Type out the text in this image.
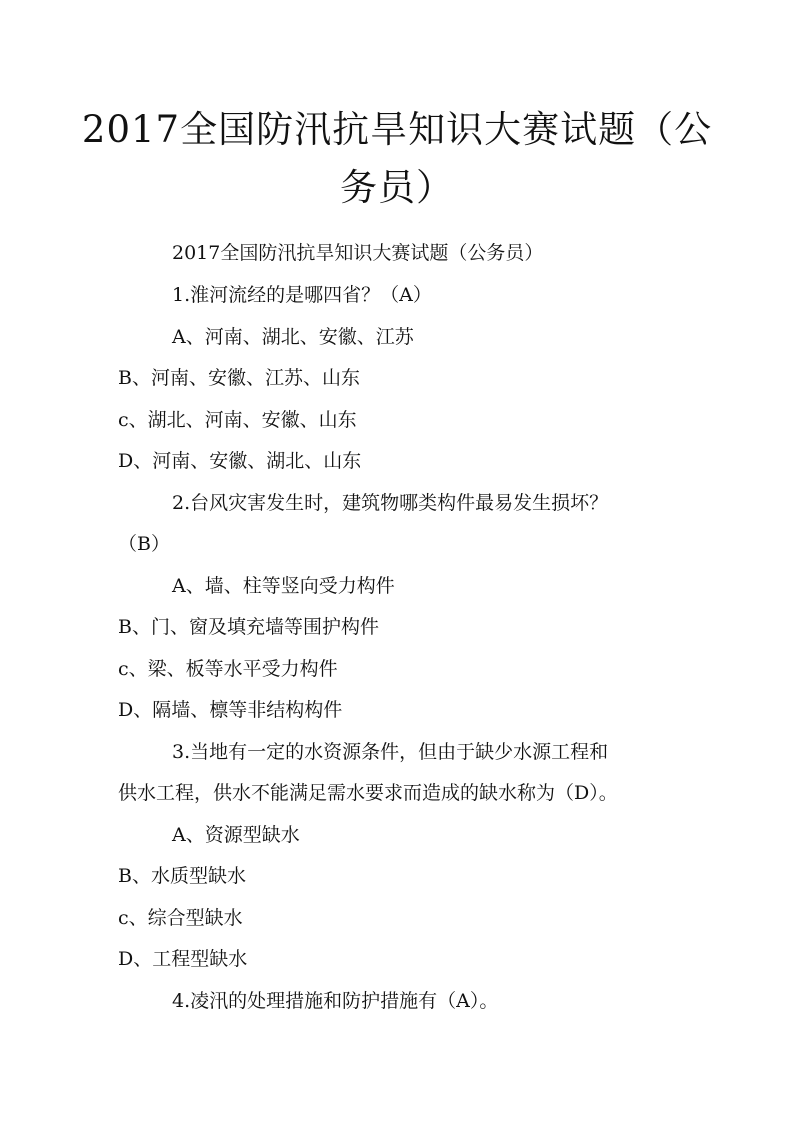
2017全国防汛抗旱知识大赛试题（公
务员）

2017全国防汛抗旱知识大赛试题（公务员）

1.淮河流经的是哪四省？（A）

A、河南、湖北、安徽、江苏

B、河南、安徽、江苏、山东

c、湖北、河南、安徽、山东

D、河南、安徽、湖北、山东

2.台风灾害发生时，建筑物哪类构件最易发生损坏？

（B）

A、墙、柱等竖向受力构件

B、门、窗及填充墙等围护构件

c、梁、板等水平受力构件

D、隔墙、檩等非结构构件

3.当地有一定的水资源条件，但由于缺少水源工程和

供水工程，供水不能满足需水要求而造成的缺水称为（D）。

A、资源型缺水

B、水质型缺水

c、综合型缺水

D、工程型缺水

4.凌汛的处理措施和防护措施有（A）。
